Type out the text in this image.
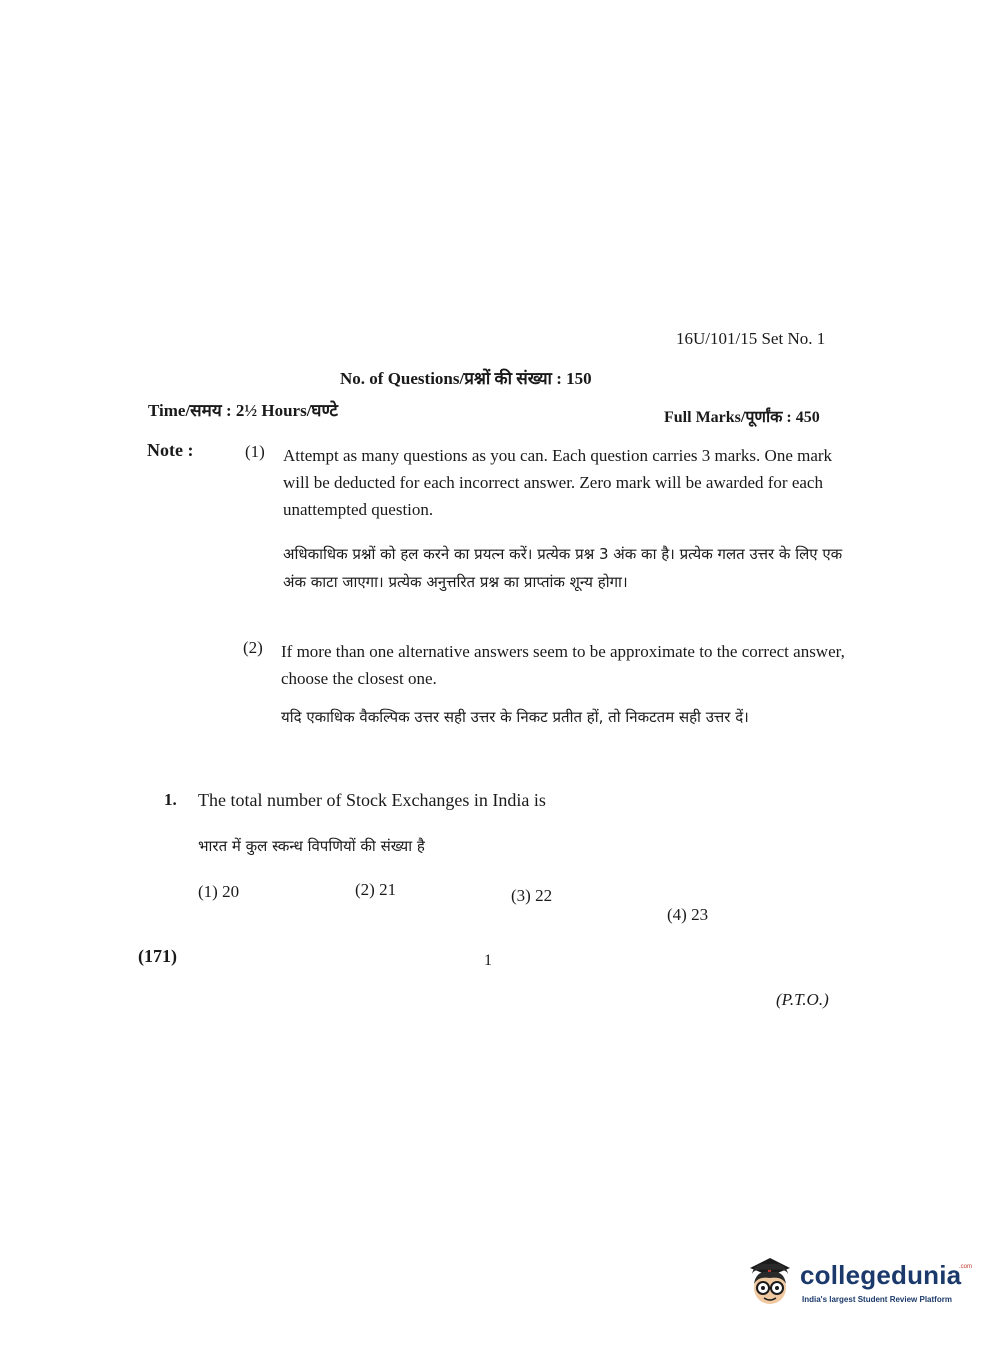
16U/101/15 Set No. 1
No. of Questions/प्रश्नों की संख्या : 150
Time/समय : 2½ Hours/घण्टे	Full Marks/पूर्णांक : 450
Note :	(1) Attempt as many questions as you can. Each question carries 3 marks. One mark will be deducted for each incorrect answer. Zero mark will be awarded for each unattempted question.
अधिकाधिक प्रश्नों को हल करने का प्रयत्न करें। प्रत्येक प्रश्न 3 अंक का है। प्रत्येक गलत उत्तर के लिए एक अंक काटा जाएगा। प्रत्येक अनुत्तरित प्रश्न का प्राप्तांक शून्य होगा।
(2) If more than one alternative answers seem to be approximate to the correct answer, choose the closest one.
यदि एकाधिक वैकल्पिक उत्तर सही उत्तर के निकट प्रतीत हों, तो निकटतम सही उत्तर दें।
1. The total number of Stock Exchanges in India is
भारत में कुल स्कन्ध विपणियों की संख्या है
(1) 20	(2) 21	(3) 22
(4) 23
(171)	1
(P.T.O.)
collegedunia
.com
India's largest Student Review Platform
